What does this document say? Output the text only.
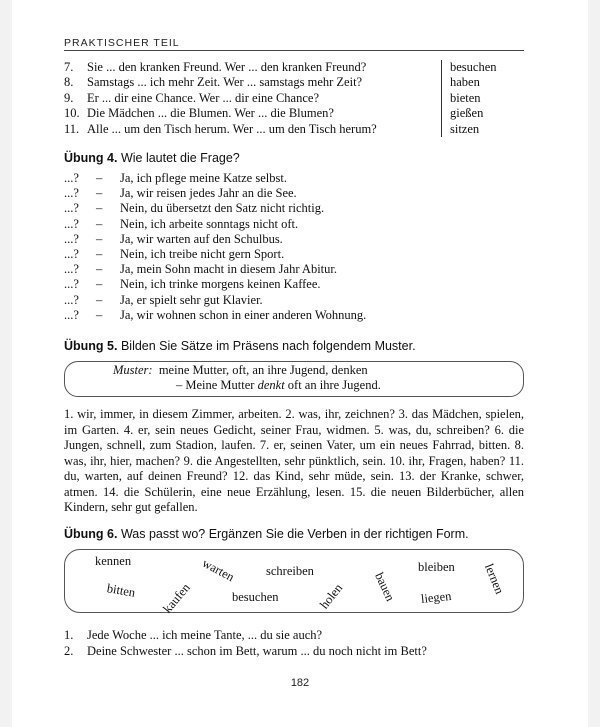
PRAKTISCHER TEIL
7.	Sie ... den kranken Freund. Wer ... den kranken Freund?	besuchen
8.	Samstags ... ich mehr Zeit. Wer ... samstags mehr Zeit?	haben
9.	Er ... dir eine Chance. Wer ... dir eine Chance?	bieten
10. Die Mädchen ... die Blumen. Wer ... die Blumen?	gießen
11. Alle ... um den Tisch herum. Wer ... um den Tisch herum?	sitzen
Übung 4. Wie lautet die Frage?
...? – Ja, ich pflege meine Katze selbst.
...? – Ja, wir reisen jedes Jahr an die See.
...? – Nein, du übersetzt den Satz nicht richtig.
...? – Nein, ich arbeite sonntags nicht oft.
...? – Ja, wir warten auf den Schulbus.
...? – Nein, ich treibe nicht gern Sport.
...? – Ja, mein Sohn macht in diesem Jahr Abitur.
...? – Nein, ich trinke morgens keinen Kaffee.
...? – Ja, er spielt sehr gut Klavier.
...? – Ja, wir wohnen schon in einer anderen Wohnung.
Übung 5. Bilden Sie Sätze im Präsens nach folgendem Muster.
Muster: meine Mutter, oft, an ihre Jugend, denken
– Meine Mutter denkt oft an ihre Jugend.
1. wir, immer, in diesem Zimmer, arbeiten. 2. was, ihr, zeichnen? 3. das Mädchen, spielen, im Garten. 4. er, sein neues Gedicht, seiner Frau, widmen. 5. was, du, schreiben? 6. die Jungen, schnell, zum Stadion, laufen. 7. er, seinen Vater, um ein neues Fahrrad, bitten. 8. was, ihr, hier, machen? 9. die Angestellten, sehr pünktlich, sein. 10. ihr, Fragen, haben? 11. du, warten, auf deinen Freund? 12. das Kind, sehr müde, sein. 13. der Kranke, schwer, atmen. 14. die Schülerin, eine neue Erzählung, lesen. 15. die neuen Bilderbücher, allen Kindern, sehr gut gefallen.
Übung 6. Was passt wo? Ergänzen Sie die Verben in der richtigen Form.
kennen	warten schreiben	bleiben lernen
bitten kaufen	besuchen	holen bauen liegen
1. Jede Woche ... ich meine Tante, ... du sie auch?
2. Deine Schwester ... schon im Bett, warum ... du noch nicht im Bett?
182
